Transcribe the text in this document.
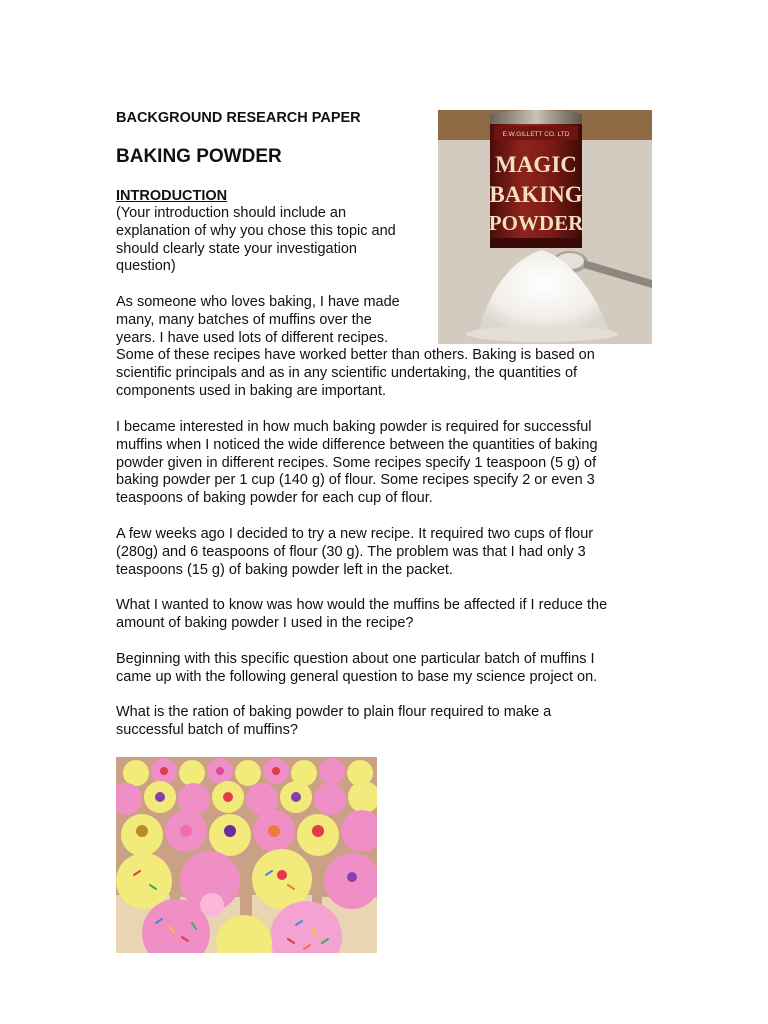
BACKGROUND RESEARCH PAPER

BAKING POWDER

INTRODUCTION

(Your introduction should include an
explanation of why you chose this topic and
should clearly state your investigation
question)
As someone who loves baking, I have made
many, many batches of muffins over the
years. I have used lots of different recipes.
Some of these recipes have worked better than others. Baking is based on
scientific principals and as in any scientific undertaking, the quantities of
components used in baking are important.
I became interested in how much baking powder is required for successful
muffins when I noticed the wide difference between the quantities of baking
powder given in different recipes. Some recipes specify 1 teaspoon (5 g) of
baking powder per 1 cup (140 g) of flour. Some recipes specify 2 or even 3
teaspoons of baking powder for each cup of flour.
A few weeks ago I decided to try a new recipe. It required two cups of flour
(280g) and 6 teaspoons of flour (30 g). The problem was that I had only 3
teaspoons (15 g) of baking powder left in the packet.
What I wanted to know was how would the muffins be affected if I reduce the
amount of baking powder I used in the recipe?
Beginning with this specific question about one particular batch of muffins I
came up with the following general question to base my science project on.
What is the ration of baking powder to plain flour required to make a
successful batch of muffins?
E.W.GILLETT CO. LTD
MAGIC
BAKING
POWDER
